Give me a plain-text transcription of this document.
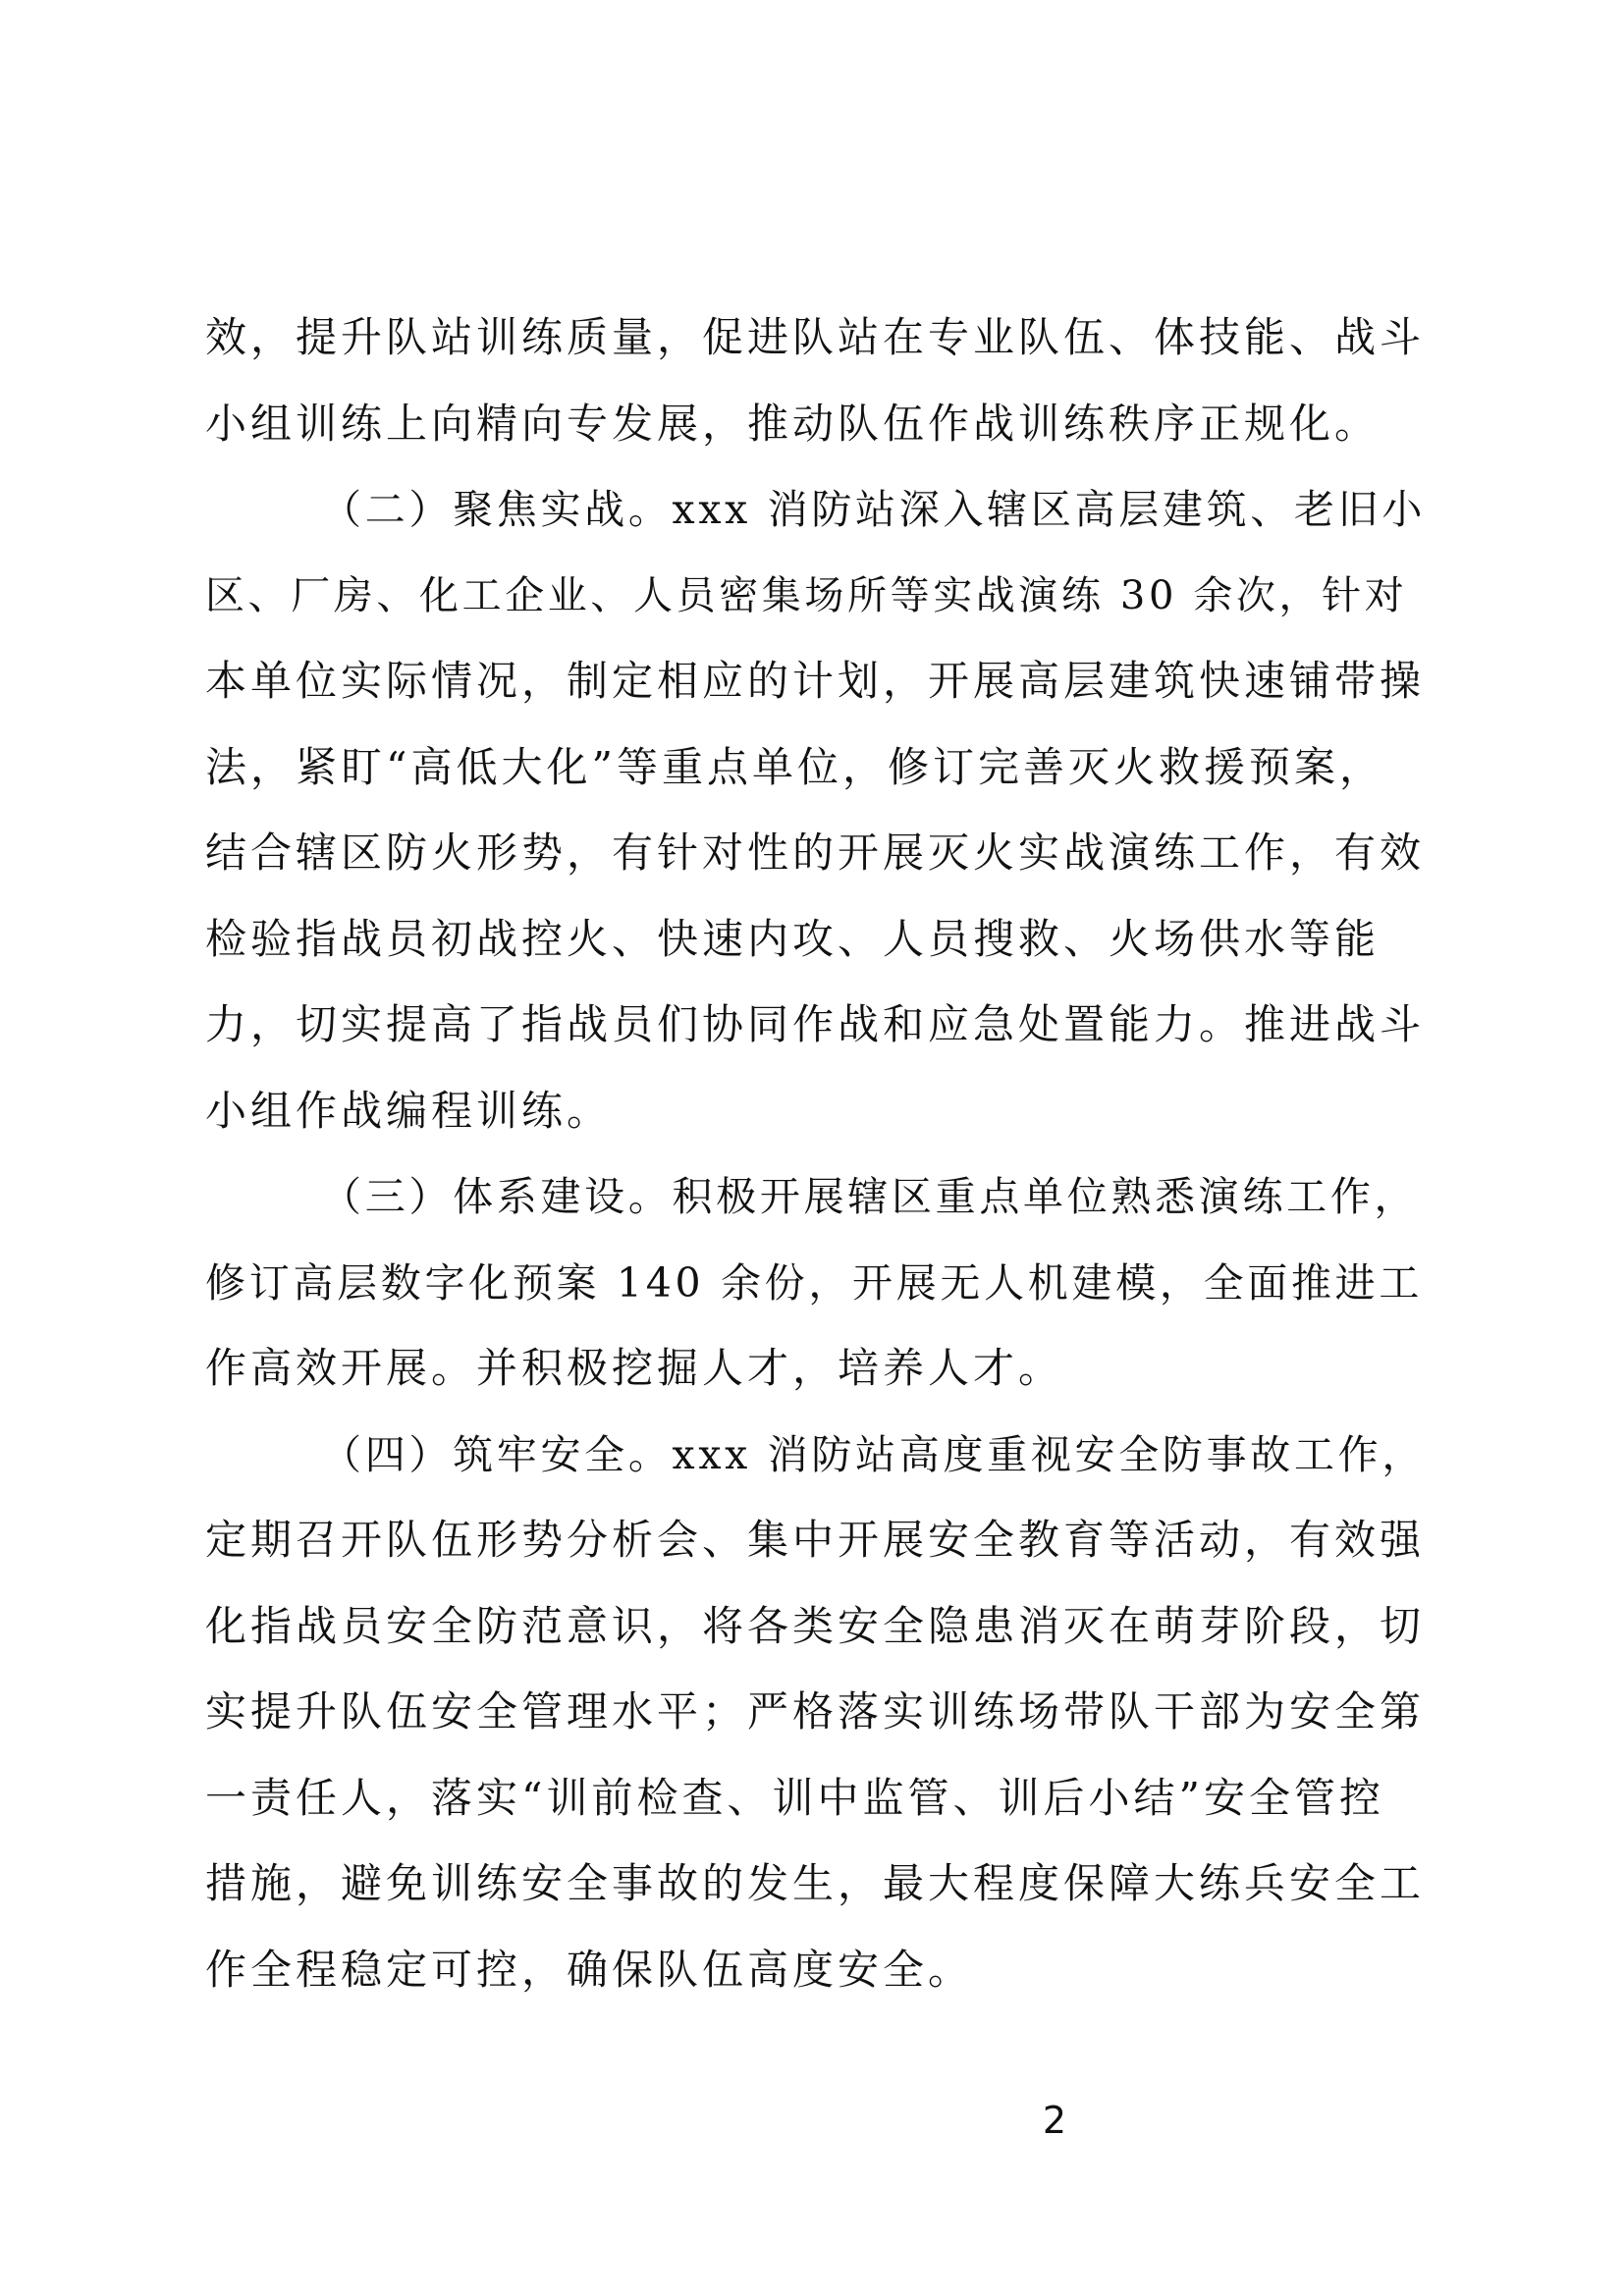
效，提升队站训练质量，促进队站在专业队伍、体技能、战斗
小组训练上向精向专发展，推动队伍作战训练秩序正规化。
（二）聚焦实战。xxx 消防站深入辖区高层建筑、老旧小
区、厂房、化工企业、人员密集场所等实战演练 30 余次，针对
本单位实际情况，制定相应的计划，开展高层建筑快速铺带操
法，紧盯“高低大化”等重点单位，修订完善灭火救援预案，
结合辖区防火形势，有针对性的开展灭火实战演练工作，有效
检验指战员初战控火、快速内攻、人员搜救、火场供水等能
力，切实提高了指战员们协同作战和应急处置能力。推进战斗
小组作战编程训练。
（三）体系建设。积极开展辖区重点单位熟悉演练工作，
修订高层数字化预案 140 余份，开展无人机建模，全面推进工
作高效开展。并积极挖掘人才，培养人才。
（四）筑牢安全。xxx 消防站高度重视安全防事故工作，
定期召开队伍形势分析会、集中开展安全教育等活动，有效强
化指战员安全防范意识，将各类安全隐患消灭在萌芽阶段，切
实提升队伍安全管理水平；严格落实训练场带队干部为安全第
一责任人，落实“训前检查、训中监管、训后小结”安全管控
措施，避免训练安全事故的发生，最大程度保障大练兵安全工
作全程稳定可控，确保队伍高度安全。
2
